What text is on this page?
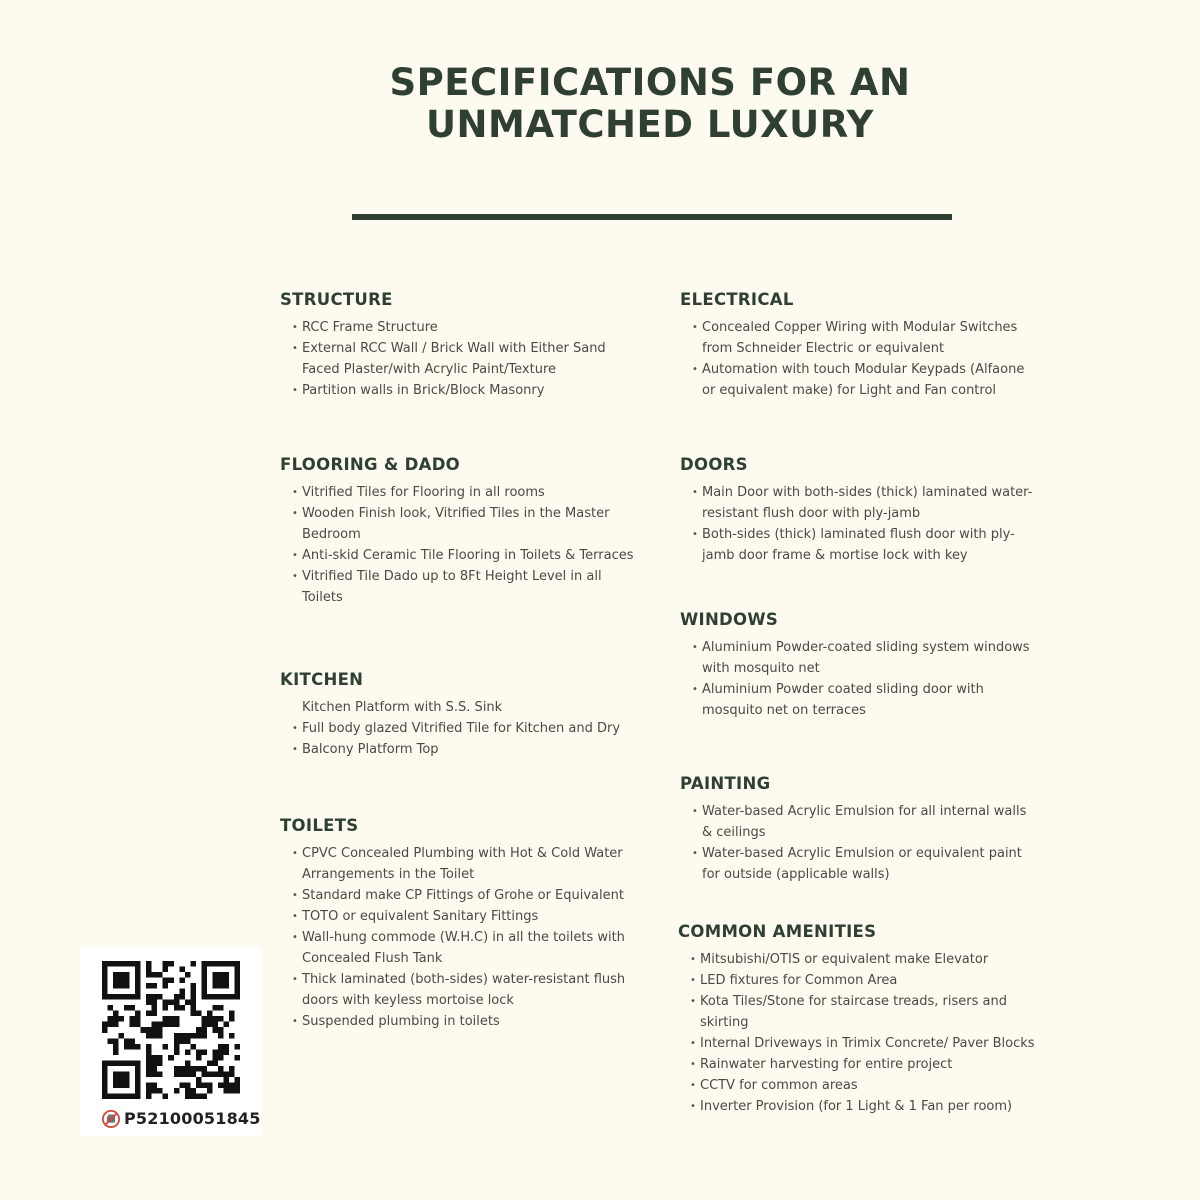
SPECIFICATIONS FOR AN
UNMATCHED LUXURY
STRUCTURE
• RCC Frame Structure
• External RCC Wall / Brick Wall with Either Sand Faced Plaster/with Acrylic Paint/Texture
• Partition walls in Brick/Block Masonry
FLOORING & DADO
• Vitrified Tiles for Flooring in all rooms
• Wooden Finish look, Vitrified Tiles in the Master Bedroom
• Anti-skid Ceramic Tile Flooring in Toilets & Terraces
• Vitrified Tile Dado up to 8Ft Height Level in all Toilets
KITCHEN
Kitchen Platform with S.S. Sink
• Full body glazed Vitrified Tile for Kitchen and Dry
• Balcony Platform Top
TOILETS
• CPVC Concealed Plumbing with Hot & Cold Water Arrangements in the Toilet
• Standard make CP Fittings of Grohe or Equivalent
• TOTO or equivalent Sanitary Fittings
• Wall-hung commode (W.H.C) in all the toilets with Concealed Flush Tank
• Thick laminated (both-sides) water-resistant flush doors with keyless mortoise lock
• Suspended plumbing in toilets
ELECTRICAL
• Concealed Copper Wiring with Modular Switches from Schneider Electric or equivalent
• Automation with touch Modular Keypads (Alfaone or equivalent make) for Light and Fan control
DOORS
• Main Door with both-sides (thick) laminated water-resistant flush door with ply-jamb
• Both-sides (thick) laminated flush door with ply-jamb door frame & mortise lock with key
WINDOWS
• Aluminium Powder-coated sliding system windows with mosquito net
• Aluminium Powder coated sliding door with mosquito net on terraces
PAINTING
• Water-based Acrylic Emulsion for all internal walls & ceilings
• Water-based Acrylic Emulsion or equivalent paint for outside (applicable walls)
COMMON AMENITIES
• Mitsubishi/OTIS or equivalent make Elevator
• LED fixtures for Common Area
• Kota Tiles/Stone for staircase treads, risers and skirting
• Internal Driveways in Trimix Concrete/ Paver Blocks
• Rainwater harvesting for entire project
• CCTV for common areas
• Inverter Provision (for 1 Light & 1 Fan per room)
P52100051845
